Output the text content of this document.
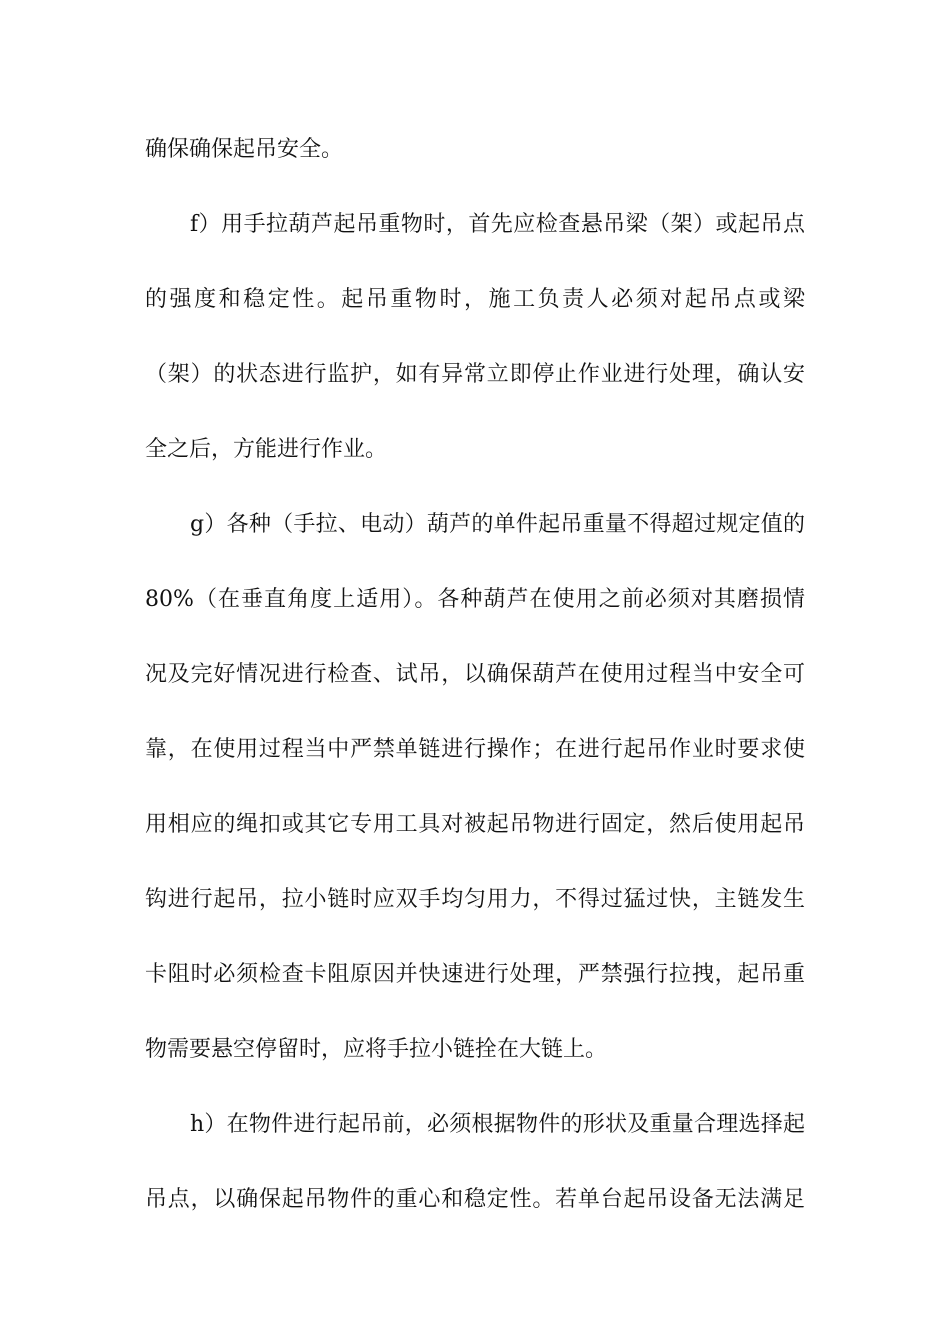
确保确保起吊安全。
f）用手拉葫芦起吊重物时，首先应检查悬吊梁（架）或起吊点
的强度和稳定性。起吊重物时，施工负责人必须对起吊点或梁
（架）的状态进行监护，如有异常立即停止作业进行处理，确认安
全之后，方能进行作业。
g）各种（手拉、电动）葫芦的单件起吊重量不得超过规定值的
80%（在垂直角度上适用）。各种葫芦在使用之前必须对其磨损情
况及完好情况进行检查、试吊，以确保葫芦在使用过程当中安全可
靠，在使用过程当中严禁单链进行操作；在进行起吊作业时要求使
用相应的绳扣或其它专用工具对被起吊物进行固定，然后使用起吊
钩进行起吊，拉小链时应双手均匀用力，不得过猛过快，主链发生
卡阻时必须检查卡阻原因并快速进行处理，严禁强行拉拽，起吊重
物需要悬空停留时，应将手拉小链拴在大链上。
h）在物件进行起吊前，必须根据物件的形状及重量合理选择起
吊点，以确保起吊物件的重心和稳定性。若单台起吊设备无法满足
